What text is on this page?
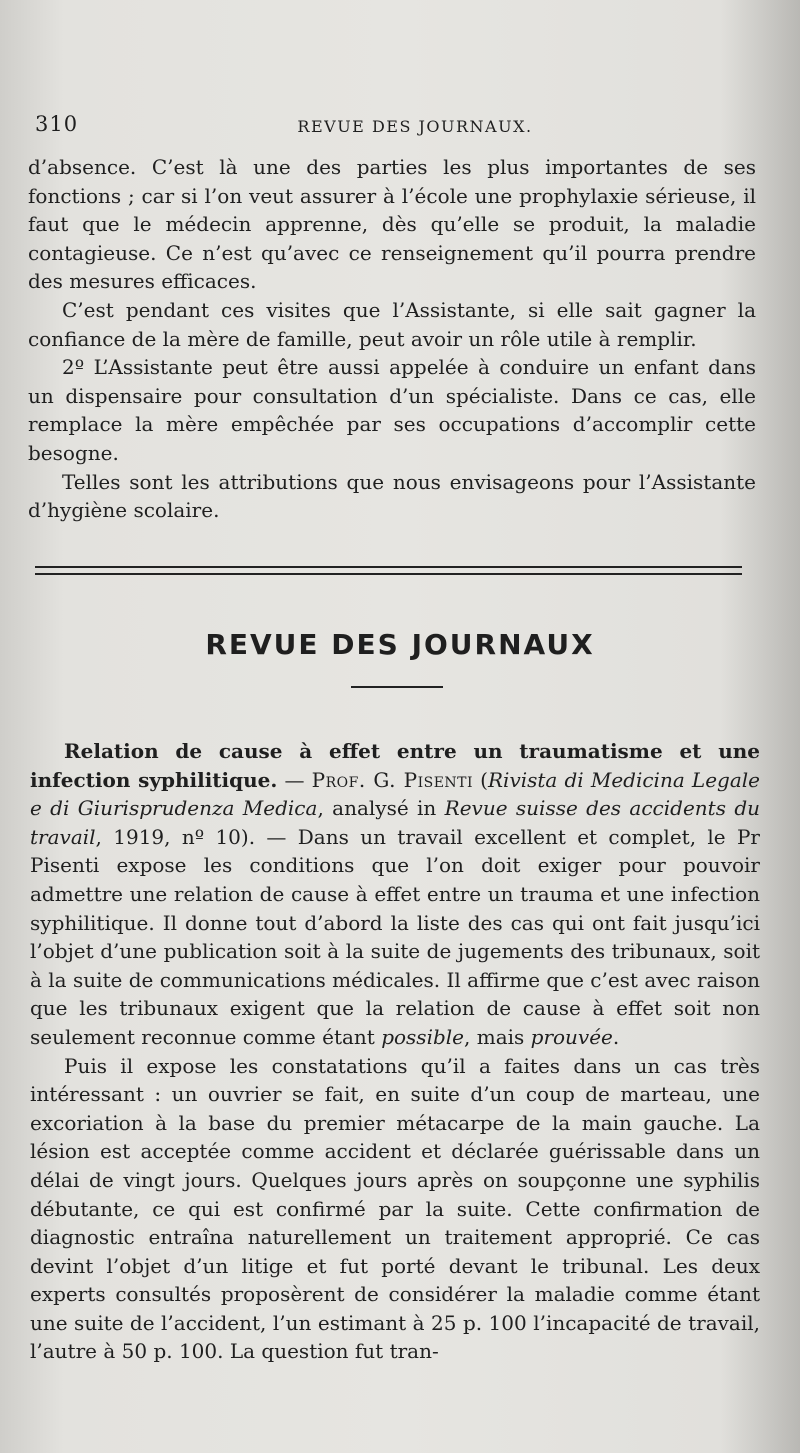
310	REVUE DES JOURNAUX.

d’absence. C’est là une des parties les plus importantes de ses fonctions ; car si l’on veut assurer à l’école une prophylaxie sérieuse, il faut que le médecin apprenne, dès qu’elle se produit, la maladie contagieuse. Ce n’est qu’avec ce renseignement qu’il pourra prendre des mesures efficaces.

C’est pendant ces visites que l’Assistante, si elle sait gagner la confiance de la mère de famille, peut avoir un rôle utile à remplir.

2º L’Assistante peut être aussi appelée à conduire un enfant dans un dispensaire pour consultation d’un spécialiste. Dans ce cas, elle remplace la mère empêchée par ses occupations d’accomplir cette besogne.

Telles sont les attributions que nous envisageons pour l’Assistante d’hygiène scolaire.

REVUE DES JOURNAUX

Relation de cause à effet entre un traumatisme et une infection syphilitique. — Prof. G. Pisenti (Rivista di Medicina Legale e di Giurisprudenza Medica, analysé in Revue suisse des accidents du travail, 1919, nº 10). — Dans un travail excellent et complet, le Pr Pisenti expose les conditions que l’on doit exiger pour pouvoir admettre une relation de cause à effet entre un trauma et une infection syphilitique. Il donne tout d’abord la liste des cas qui ont fait jusqu’ici l’objet d’une publication soit à la suite de jugements des tribunaux, soit à la suite de communications médicales. Il affirme que c’est avec raison que les tribunaux exigent que la relation de cause à effet soit non seulement reconnue comme étant possible, mais prouvée.

Puis il expose les constatations qu’il a faites dans un cas très intéressant : un ouvrier se fait, en suite d’un coup de marteau, une excoriation à la base du premier métacarpe de la main gauche. La lésion est acceptée comme accident et déclarée guérissable dans un délai de vingt jours. Quelques jours après on soupçonne une syphilis débutante, ce qui est confirmé par la suite. Cette confirmation de diagnostic entraîna naturellement un traitement approprié. Ce cas devint l’objet d’un litige et fut porté devant le tribunal. Les deux experts consultés proposèrent de considérer la maladie comme étant une suite de l’accident, l’un estimant à 25 p. 100 l’incapacité de travail, l’autre à 50 p. 100. La question fut tran-
